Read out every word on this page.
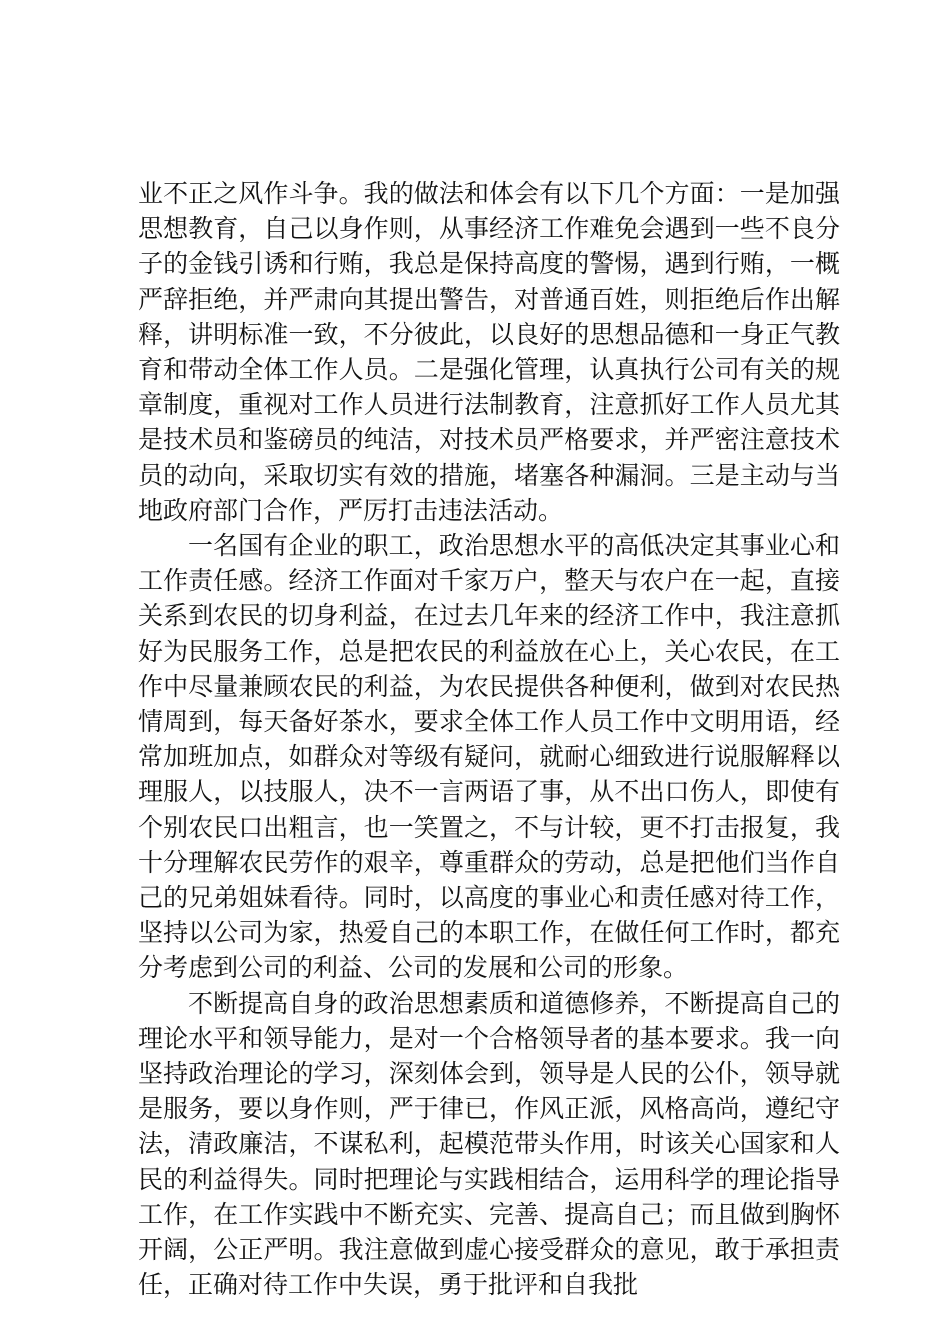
业不正之风作斗争。我的做法和体会有以下几个方面：一是加强思想教育，自己以身作则，从事经济工作难免会遇到一些不良分子的金钱引诱和行贿，我总是保持高度的警惕，遇到行贿，一概严辞拒绝，并严肃向其提出警告，对普通百姓，则拒绝后作出解释，讲明标准一致，不分彼此，以良好的思想品德和一身正气教育和带动全体工作人员。二是强化管理，认真执行公司有关的规章制度，重视对工作人员进行法制教育，注意抓好工作人员尤其是技术员和鉴磅员的纯洁，对技术员严格要求，并严密注意技术员的动向，采取切实有效的措施，堵塞各种漏洞。三是主动与当地政府部门合作，严厉打击违法活动。

一名国有企业的职工，政治思想水平的高低决定其事业心和工作责任感。经济工作面对千家万户，整天与农户在一起，直接关系到农民的切身利益，在过去几年来的经济工作中，我注意抓好为民服务工作，总是把农民的利益放在心上，关心农民，在工作中尽量兼顾农民的利益，为农民提供各种便利，做到对农民热情周到，每天备好茶水，要求全体工作人员工作中文明用语，经常加班加点，如群众对等级有疑问，就耐心细致进行说服解释以理服人，以技服人，决不一言两语了事，从不出口伤人，即使有个别农民口出粗言，也一笑置之，不与计较，更不打击报复，我十分理解农民劳作的艰辛，尊重群众的劳动，总是把他们当作自己的兄弟姐妹看待。同时，以高度的事业心和责任感对待工作，坚持以公司为家，热爱自己的本职工作，在做任何工作时，都充分考虑到公司的利益、公司的发展和公司的形象。

不断提高自身的政治思想素质和道德修养，不断提高自己的理论水平和领导能力，是对一个合格领导者的基本要求。我一向坚持政治理论的学习，深刻体会到，领导是人民的公仆，领导就是服务，要以身作则，严于律已，作风正派，风格高尚，遵纪守法，清政廉洁，不谋私利，起模范带头作用，时该关心国家和人民的利益得失。同时把理论与实践相结合，运用科学的理论指导工作，在工作实践中不断充实、完善、提高自己；而且做到胸怀开阔，公正严明。我注意做到虚心接受群众的意见，敢于承担责任，正确对待工作中失误，勇于批评和自我批
